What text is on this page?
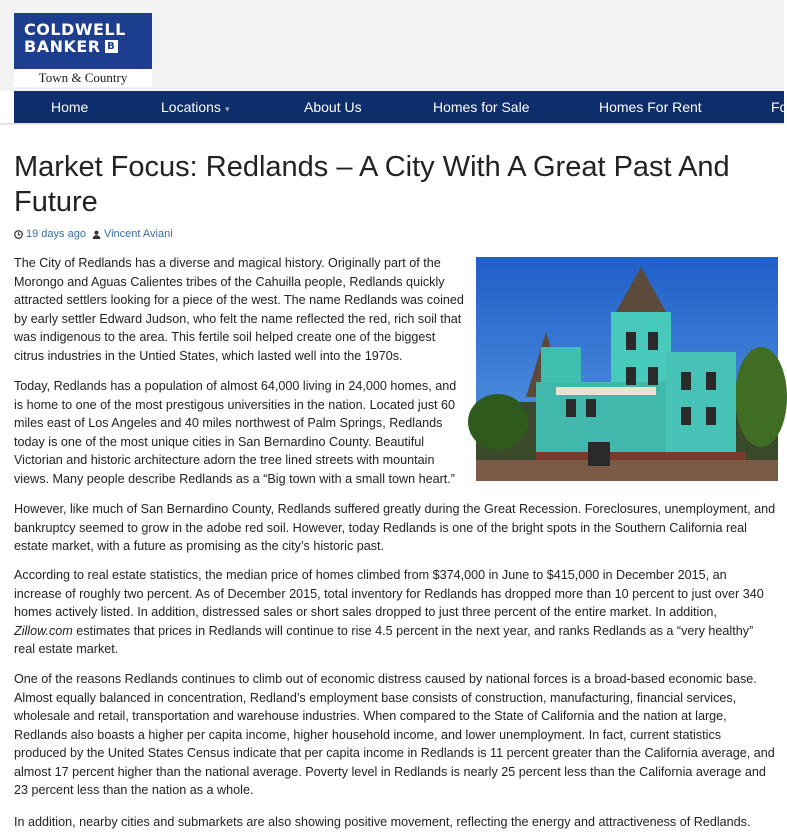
COLDWELL
BANKER B
Town & Country
Home	Locations ▾	About Us	Homes for Sale	Homes For Rent	Fo
Market Focus: Redlands – A City With A Great Past And Future
19 days ago Vincent Aviani

The City of Redlands has a diverse and magical history. Originally part of the Morongo and Aguas Calientes tribes of the Cahuilla people, Redlands quickly attracted settlers looking for a piece of the west. The name Redlands was coined by early settler Edward Judson, who felt the name reflected the red, rich soil that was indigenous to the area. This fertile soil helped create one of the biggest citrus industries in the Untied States, which lasted well into the 1970s.

Today, Redlands has a population of almost 64,000 living in 24,000 homes, and is home to one of the most prestigous universities in the nation. Located just 60 miles east of Los Angeles and 40 miles northwest of Palm Springs, Redlands today is one of the most unique cities in San Bernardino County. Beautiful Victorian and historic architecture adorn the tree lined streets with mountain views. Many people describe Redlands as a “Big town with a small town heart.”

However, like much of San Bernardino County, Redlands suffered greatly during the Great Recession. Foreclosures, unemployment, and bankruptcy seemed to grow in the adobe red soil. However, today Redlands is one of the bright spots in the Southern California real estate market, with a future as promising as the city’s historic past.

According to real estate statistics, the median price of homes climbed from $374,000 in June to $415,000 in December 2015, an increase of roughly two percent. As of December 2015, total inventory for Redlands has dropped more than 10 percent to just over 340 homes actively listed. In addition, distressed sales or short sales dropped to just three percent of the entire market. In addition, Zillow.com estimates that prices in Redlands will continue to rise 4.5 percent in the next year, and ranks Redlands as a “very healthy” real estate market.

One of the reasons Redlands continues to climb out of economic distress caused by national forces is a broad-based economic base. Almost equally balanced in concentration, Redland’s employment base consists of construction, manufacturing, financial services, wholesale and retail, transportation and warehouse industries. When compared to the State of California and the nation at large, Redlands also boasts a higher per capita income, higher household income, and lower unemployment. In fact, current statistics produced by the United States Census indicate that per capita income in Redlands is 11 percent greater than the California average, and almost 17 percent higher than the national average. Poverty level in Redlands is nearly 25 percent less than the California average and 23 percent less than the nation as a whole.

In addition, nearby cities and submarkets are also showing positive movement, reflecting the energy and attractiveness of Redlands.
